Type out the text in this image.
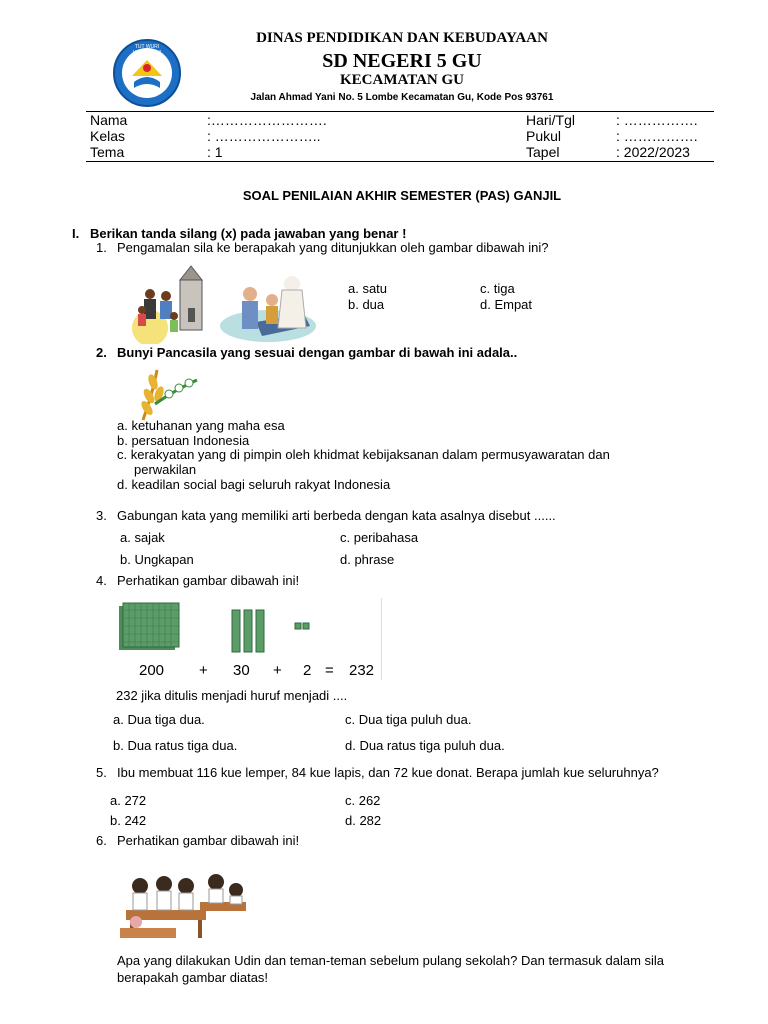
TUT WURI HANDAYANI
DINAS PENDIDIKAN DAN KEBUDAYAAN
SD NEGERI 5 GU
KECAMATAN GU
Jalan Ahmad Yani No. 5 Lombe Kecamatan Gu, Kode Pos 93761
Nama	:…………………….
Kelas	: …………………..
Tema	: 1
Hari/Tgl	: …………….
Pukul	: …………….
Tapel	: 2022/2023
SOAL PENILAIAN AKHIR SEMESTER (PAS) GANJIL
I. Berikan tanda silang (x) pada jawaban yang benar !
1. Pengamalan sila ke berapakah yang ditunjukkan oleh gambar dibawah ini?
a. satu
b. dua
c. tiga
d. Empat
2. Bunyi Pancasila yang sesuai dengan gambar di bawah ini adala..
a. ketuhanan yang maha esa
b. persatuan Indonesia
c. kerakyatan yang di pimpin oleh khidmat kebijaksanan dalam permusyawaratan dan
perwakilan
d. keadilan social bagi seluruh rakyat Indonesia
3. Gabungan kata yang memiliki arti berbeda dengan kata asalnya disebut ......
a. sajak
b. Ungkapan
c. peribahasa
d. phrase
4. Perhatikan gambar dibawah ini!
200 + 30 + 2 = 232
232 jika ditulis menjadi huruf menjadi ....
a. Dua tiga dua.
b. Dua ratus tiga dua.
c. Dua tiga puluh dua.
d. Dua ratus tiga puluh dua.
5. Ibu membuat 116 kue lemper, 84 kue lapis, dan 72 kue donat. Berapa jumlah kue seluruhnya?
a. 272
b. 242
c. 262
d. 282
6. Perhatikan gambar dibawah ini!
Apa yang dilakukan Udin dan teman-teman sebelum pulang sekolah? Dan termasuk dalam sila
berapakah gambar diatas!
